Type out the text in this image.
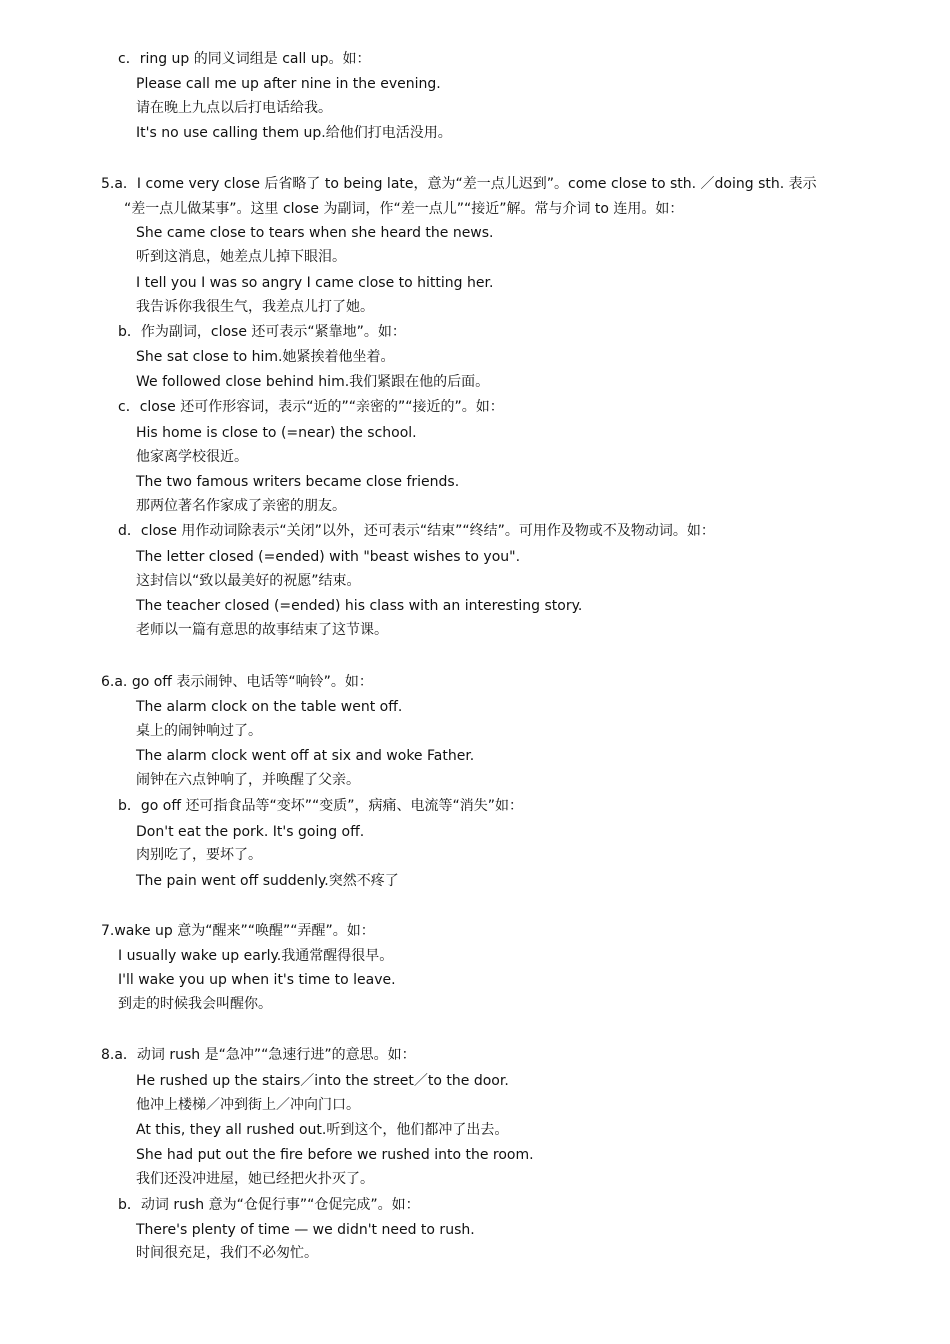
c．ring up 的同义词组是 call up。如：
Please call me up after nine in the evening.
请在晚上九点以后打电话给我。
It's no use calling them up.给他们打电活没用。
5.a．I come very close 后省略了 to being late，意为“差一点儿迟到”。come close to sth. ／doing sth. 表示
“差一点儿做某事”。这里 close 为副词，作“差一点儿”“接近”解。常与介词 to 连用。如：
She came close to tears when she heard the news.
听到这消息，她差点儿掉下眼泪。
I tell you I was so angry I came close to hitting her.
我告诉你我很生气，我差点儿打了她。
b．作为副词，close 还可表示“紧靠地”。如：
She sat close to him.她紧挨着他坐着。
We followed close behind him.我们紧跟在他的后面。
c．close 还可作形容词，表示“近的”“亲密的”“接近的”。如：
His home is close to (=near) the school.
他家离学校很近。
The two famous writers became close friends.
那两位著名作家成了亲密的朋友。
d．close 用作动词除表示“关闭”以外，还可表示“结束”“终结”。可用作及物或不及物动词。如：
The letter closed (=ended) with "beast wishes to you".
这封信以“致以最美好的祝愿”结束。
The teacher closed (=ended) his class with an interesting story.
老师以一篇有意思的故事结束了这节课。
6.a. go off 表示闹钟、电话等“响铃”。如：
The alarm clock on the table went off.
桌上的闹钟响过了。
The alarm clock went off at six and woke Father.
闹钟在六点钟响了，并唤醒了父亲。
b．go off 还可指食品等“变坏”“变质”，病痛、电流等“消失”如：
Don't eat the pork. It's going off.
肉别吃了，要坏了。
The pain went off suddenly.突然不疼了
7.wake up 意为“醒来”“唤醒”“弄醒”。如：
I usually wake up early.我通常醒得很早。
I'll wake you up when it's time to leave.
到走的时候我会叫醒你。
8.a．动词 rush 是“急冲”“急速行进”的意思。如：
He rushed up the stairs／into the street／to the door.
他冲上楼梯／冲到街上／冲向门口。
At this, they all rushed out.听到这个，他们都冲了出去。
She had put out the fire before we rushed into the room.
我们还没冲进屋，她已经把火扑灭了。
b．动词 rush 意为“仓促行事”“仓促完成”。如：
There's plenty of time — we didn't need to rush.
时间很充足，我们不必匆忙。
